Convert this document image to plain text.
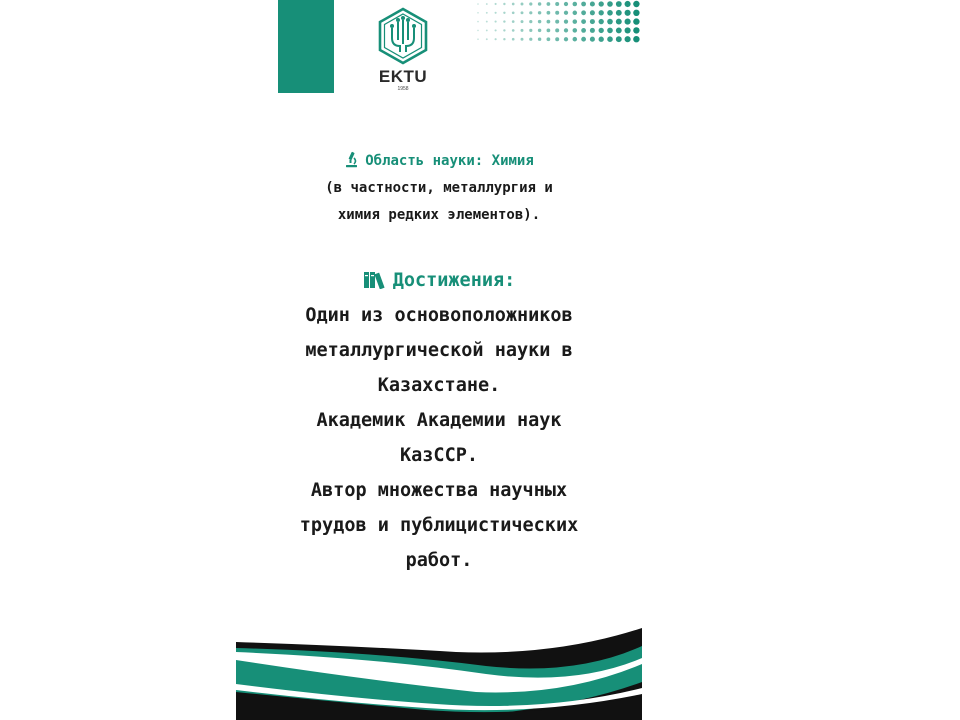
EKTU
1958
Область науки: Химия
(в частности, металлургия и
химия редких элементов).
Достижения:
Один из основоположников
металлургической науки в
Казахстане.
Академик Академии наук
КазССР.
Автор множества научных
трудов и публицистических
работ.
